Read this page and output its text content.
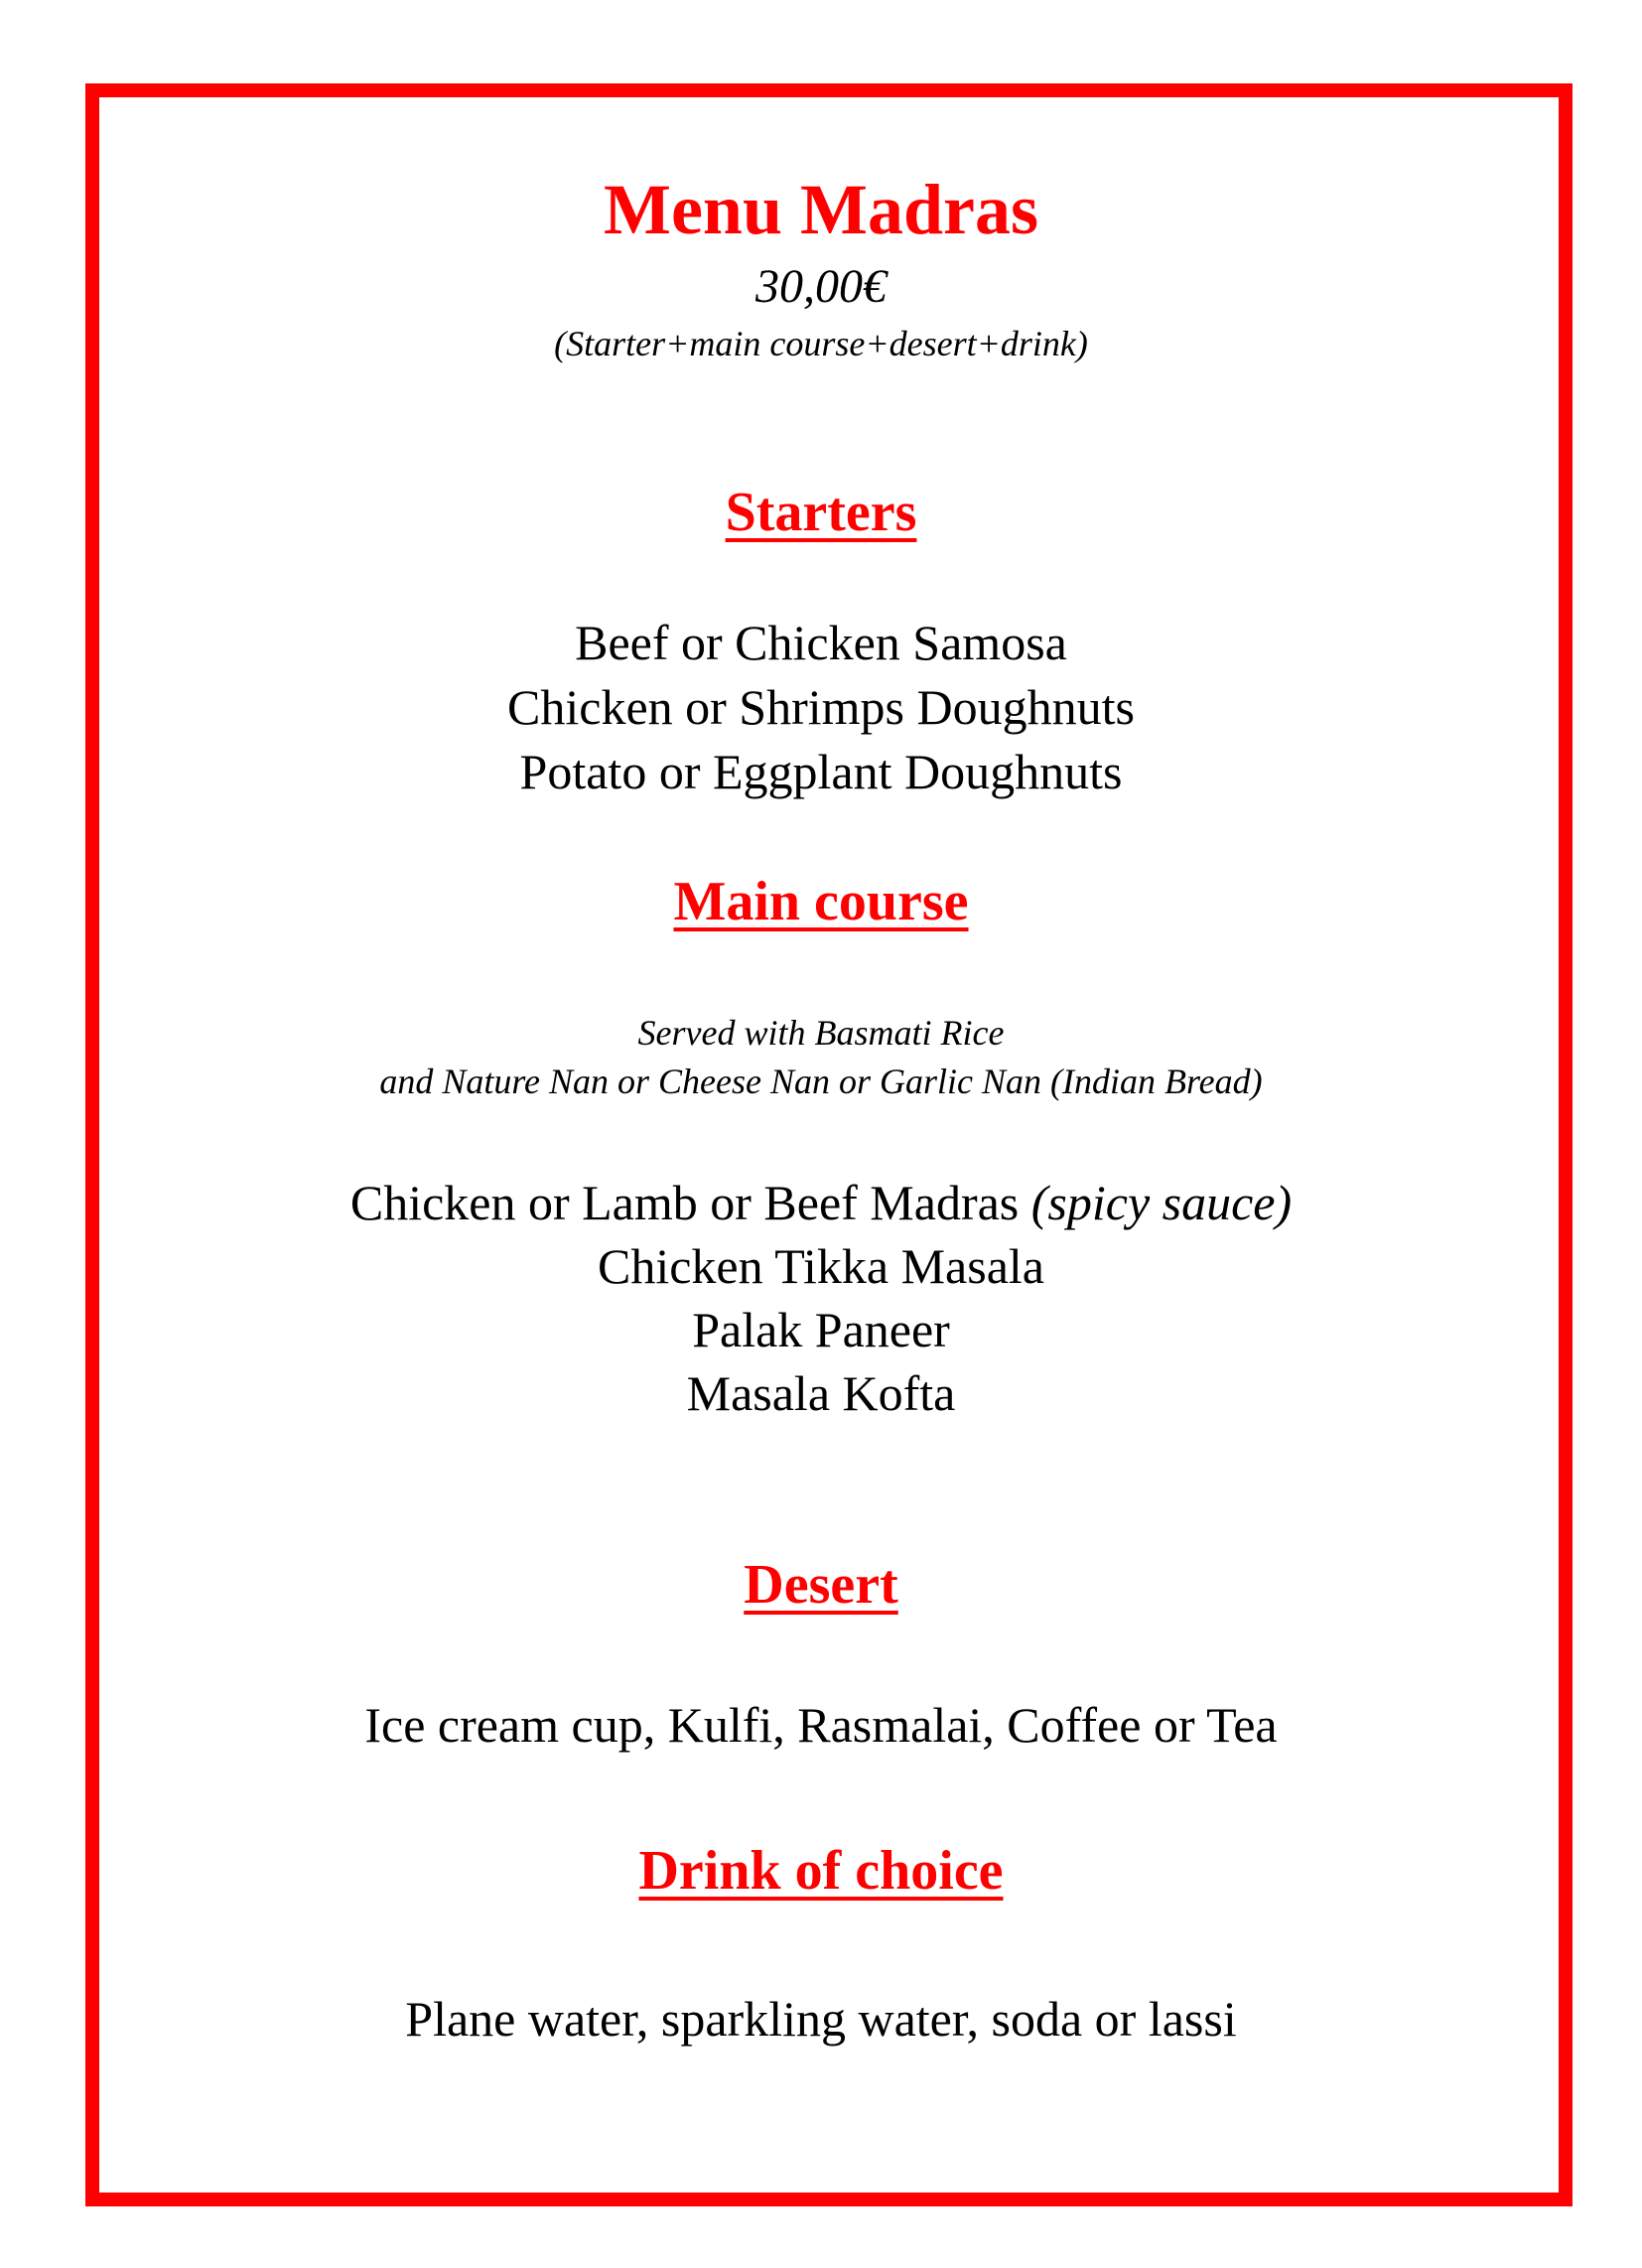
Menu Madras
30,00€
(Starter+main course+desert+drink)
Starters
Beef or Chicken Samosa
Chicken or Shrimps Doughnuts
Potato or Eggplant Doughnuts
Main course
Served with Basmati Rice
and Nature Nan or Cheese Nan or Garlic Nan (Indian Bread)
Chicken or Lamb or Beef Madras (spicy sauce)
Chicken Tikka Masala
Palak Paneer
Masala Kofta
Desert
Ice cream cup, Kulfi, Rasmalai, Coffee or Tea
Drink of choice
Plane water, sparkling water, soda or lassi
